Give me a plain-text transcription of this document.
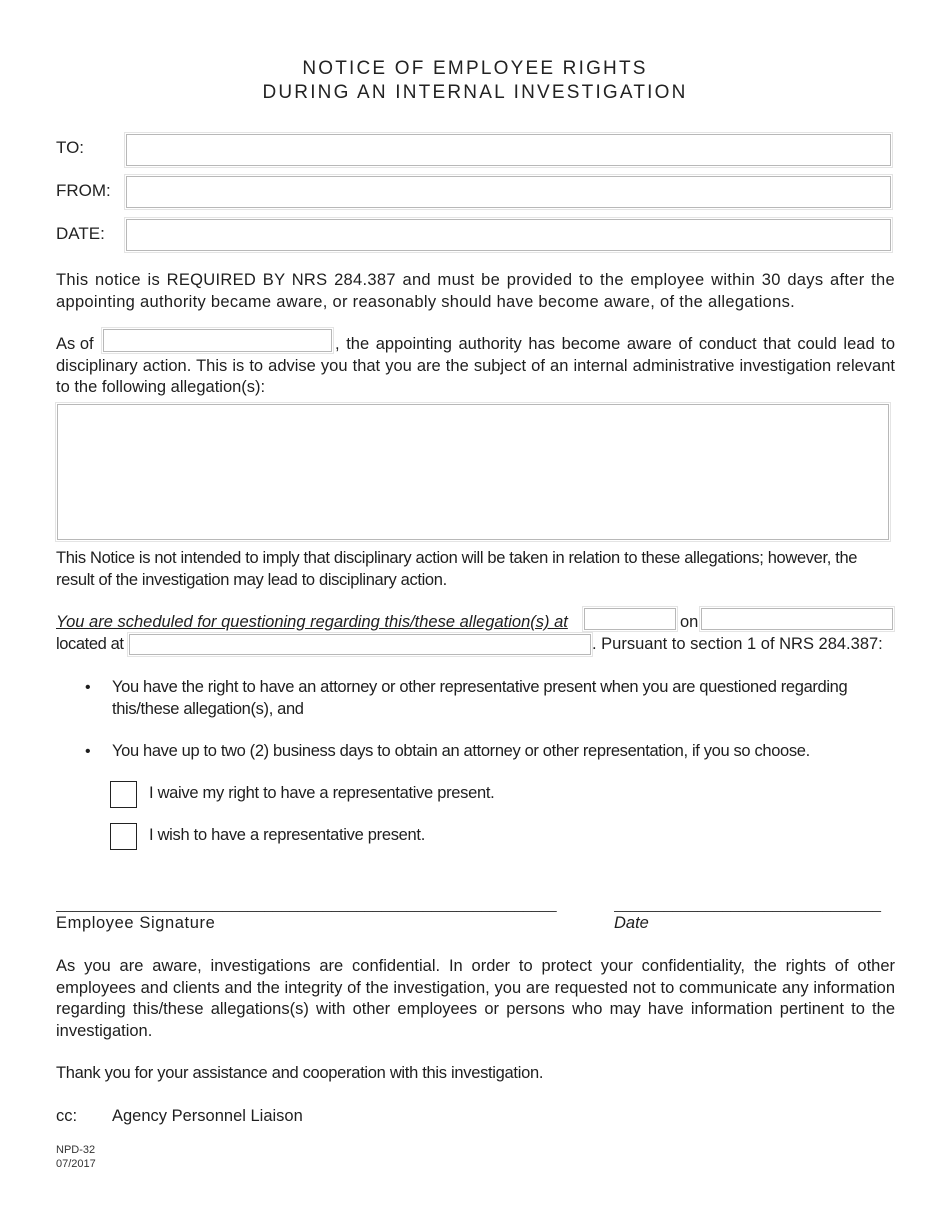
NOTICE OF EMPLOYEE RIGHTS
DURING AN INTERNAL INVESTIGATION
TO:
FROM:
DATE:
This notice is REQUIRED BY NRS 284.387 and must be provided to the employee within 30 days after the appointing authority became aware, or reasonably should have become aware, of the allegations.
As of	, the appointing authority has become aware of conduct that could lead to disciplinary action. This is to advise you that you are the subject of an internal administrative investigation relevant to the following allegation(s):
This Notice is not intended to imply that disciplinary action will be taken in relation to these allegations; however, the result of the investigation may lead to disciplinary action.
You are scheduled for questioning regarding this/these allegation(s) at	on
located at	. Pursuant to section 1 of NRS 284.387:
• You have the right to have an attorney or other representative present when you are questioned regarding this/these allegation(s), and
• You have up to two (2) business days to obtain an attorney or other representation, if you so choose.
I waive my right to have a representative present.
I wish to have a representative present.
____________________________________________________________	________________________________
Employee Signature	Date
As you are aware, investigations are confidential. In order to protect your confidentiality, the rights of other employees and clients and the integrity of the investigation, you are requested not to communicate any information regarding this/these allegations(s) with other employees or persons who may have information pertinent to the investigation.
Thank you for your assistance and cooperation with this investigation.
cc: Agency Personnel Liaison
NPD-32
07/2017
